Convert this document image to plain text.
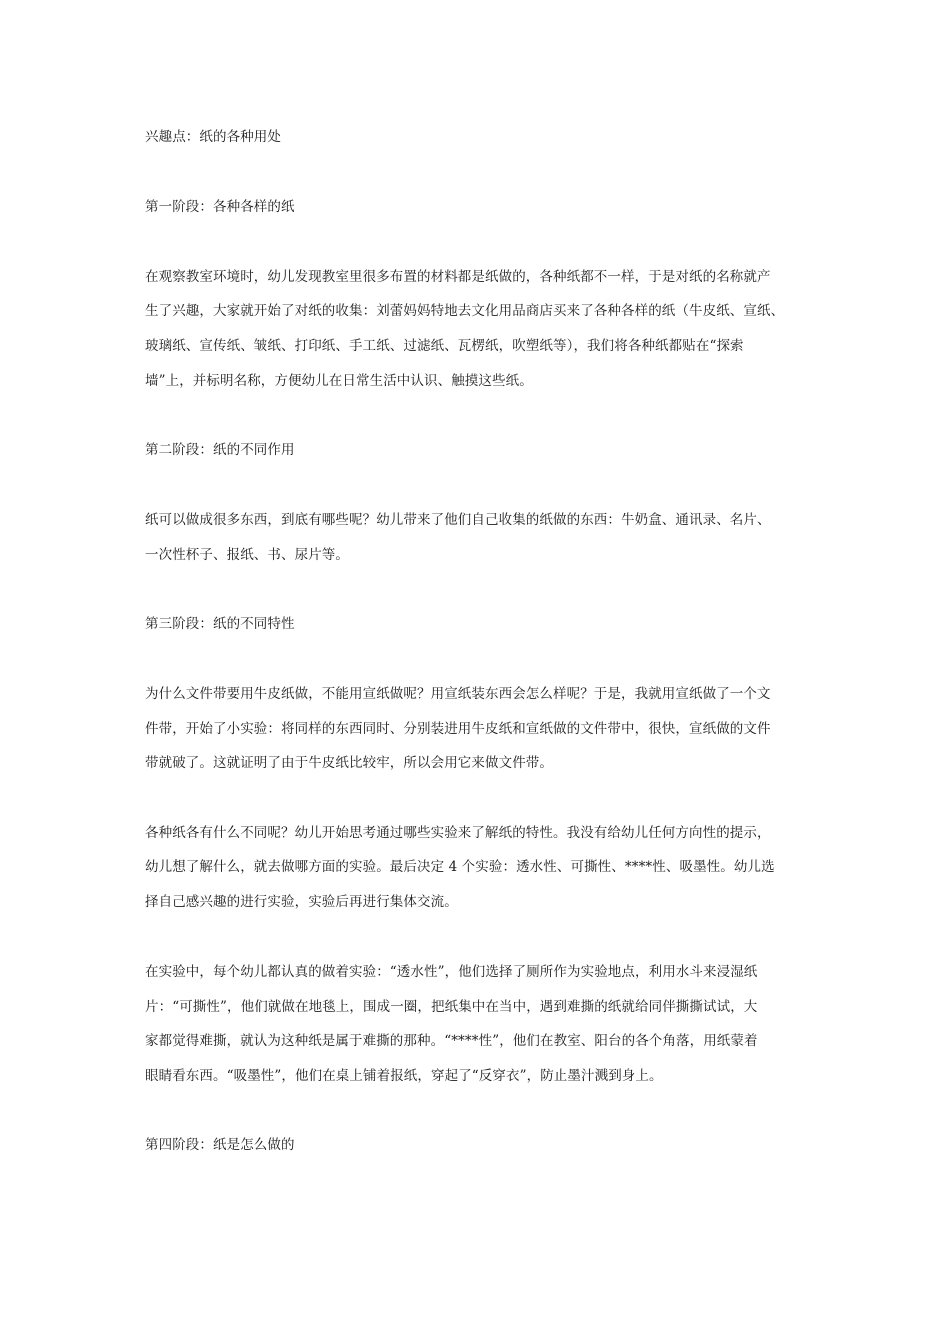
兴趣点：纸的各种用处
第一阶段：各种各样的纸
在观察教室环境时，幼儿发现教室里很多布置的材料都是纸做的，各种纸都不一样，于是对纸的名称就产
生了兴趣，大家就开始了对纸的收集：刘蕾妈妈特地去文化用品商店买来了各种各样的纸（牛皮纸、宣纸、
玻璃纸、宣传纸、皱纸、打印纸、手工纸、过滤纸、瓦楞纸，吹塑纸等），我们将各种纸都贴在“探索
墙”上，并标明名称，方便幼儿在日常生活中认识、触摸这些纸。
第二阶段：纸的不同作用
纸可以做成很多东西，到底有哪些呢？幼儿带来了他们自己收集的纸做的东西：牛奶盒、通讯录、名片、
一次性杯子、报纸、书、尿片等。
第三阶段：纸的不同特性
为什么文件带要用牛皮纸做，不能用宣纸做呢？用宣纸装东西会怎么样呢？于是，我就用宣纸做了一个文
件带，开始了小实验：将同样的东西同时、分别装进用牛皮纸和宣纸做的文件带中，很快，宣纸做的文件
带就破了。这就证明了由于牛皮纸比较牢，所以会用它来做文件带。
各种纸各有什么不同呢？幼儿开始思考通过哪些实验来了解纸的特性。我没有给幼儿任何方向性的提示，
幼儿想了解什么，就去做哪方面的实验。最后决定 4 个实验：透水性、可撕性、****性、吸墨性。幼儿选
择自己感兴趣的进行实验，实验后再进行集体交流。
在实验中，每个幼儿都认真的做着实验：“透水性”，他们选择了厕所作为实验地点，利用水斗来浸湿纸
片：“可撕性”，他们就做在地毯上，围成一圈，把纸集中在当中，遇到难撕的纸就给同伴撕撕试试，大
家都觉得难撕，就认为这种纸是属于难撕的那种。“****性”，他们在教室、阳台的各个角落，用纸蒙着
眼睛看东西。“吸墨性”，他们在桌上铺着报纸，穿起了“反穿衣”，防止墨汁溅到身上。
第四阶段：纸是怎么做的
